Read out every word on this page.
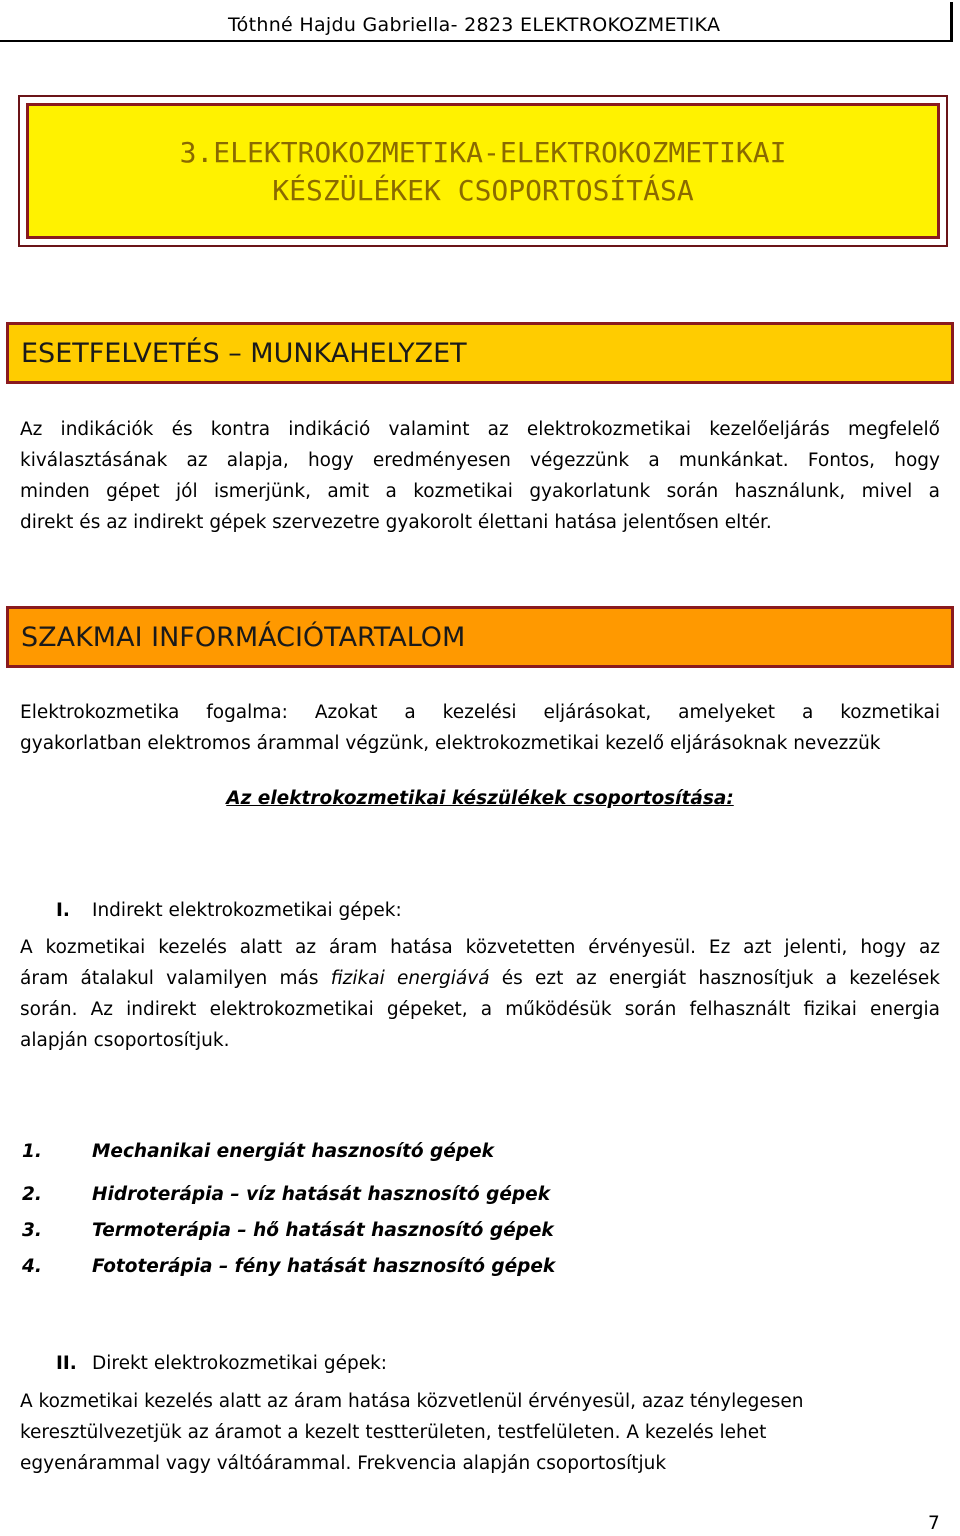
Tóthné Hajdu Gabriella- 2823 ELEKTROKOZMETIKA
3.ELEKTROKOZMETIKA-ELEKTROKOZMETIKAI
KÉSZÜLÉKEK CSOPORTOSÍTÁSA
ESETFELVETÉS – MUNKAHELYZET
Az indikációk és kontra indikáció valamint az elektrokozmetikai kezelőeljárás megfelelő
kiválasztásának az alapja, hogy eredményesen végezzünk a munkánkat. Fontos, hogy
minden gépet jól ismerjünk, amit a kozmetikai gyakorlatunk során használunk, mivel a
direkt és az indirekt gépek szervezetre gyakorolt élettani hatása jelentősen eltér.
SZAKMAI INFORMÁCIÓTARTALOM
Elektrokozmetika fogalma: Azokat a kezelési eljárásokat, amelyeket a kozmetikai
gyakorlatban elektromos árammal végzünk, elektrokozmetikai kezelő eljárásoknak nevezzük
Az elektrokozmetikai készülékek csoportosítása:
I. Indirekt elektrokozmetikai gépek:
A kozmetikai kezelés alatt az áram hatása közvetetten érvényesül. Ez azt jelenti, hogy az
áram átalakul valamilyen más fizikai energiává és ezt az energiát hasznosítjuk a kezelések
során. Az indirekt elektrokozmetikai gépeket, a működésük során felhasznált fizikai energia
alapján csoportosítjuk.
1.	Mechanikai energiát hasznosító gépek
2.	Hidroterápia – víz hatását hasznosító gépek
3.	Termoterápia – hő hatását hasznosító gépek
4.	Fototerápia – fény hatását hasznosító gépek
II. Direkt elektrokozmetikai gépek:
A kozmetikai kezelés alatt az áram hatása közvetlenül érvényesül, azaz ténylegesen
keresztülvezetjük az áramot a kezelt testterületen, testfelületen. A kezelés lehet
egyenárammal vagy váltóárammal. Frekvencia alapján csoportosítjuk
7
